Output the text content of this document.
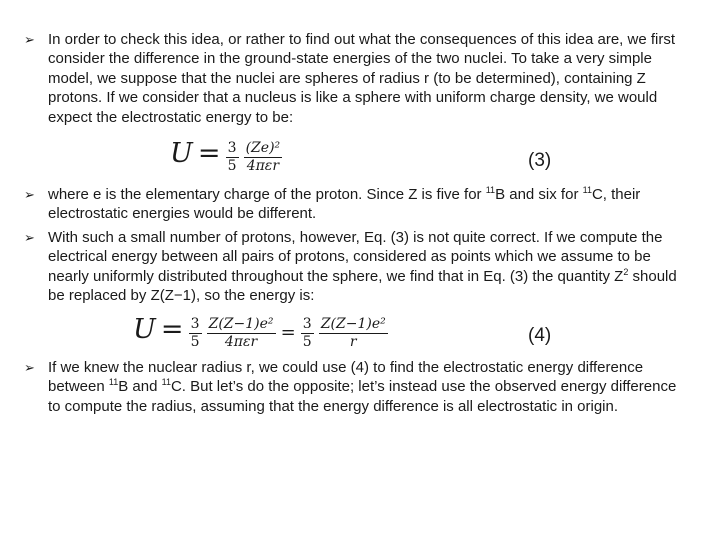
➢ In order to check this idea, or rather to find out what the consequences of this idea are, we first consider the difference in the ground-state energies of the two nuclei. To take a very simple model, we suppose that the nuclei are spheres of radius r (to be determined), containing Z protons. If we consider that a nucleus is like a sphere with uniform charge density, we would expect the electrostatic energy to be:
$U = \frac{3}{5}$
$\frac{\text{(Ze)²}}{\text{4πεr}}$	(3)
➢ where e is the elementary charge of the proton. Since Z is five for $^{11}$B and six for $^{11}$C, their electrostatic energies would be different.
➢ With such a small number of protons, however, Eq. (3) is not quite correct. If we compute the electrical energy between all pairs of protons, considered as points which we assume to be nearly uniformly distributed throughout the sphere, we find that in Eq. (3) the quantity $Z^2$ should be replaced by Z(Z−1), so the energy is:
$U = \frac{3}{5}$
$\frac{\text{Z(Z−1)e²}}{\text{4πεr}} = \frac{3}{5}$
$\frac{\text{Z(Z−1)e²}}{r}$	(4)
➢ If we knew the nuclear radius r, we could use (4) to find the electrostatic energy difference between $^{11}$B and $^{11}$C. But let’s do the opposite; let’s instead use the observed energy difference to compute the radius, assuming that the energy difference is all electrostatic in origin.
